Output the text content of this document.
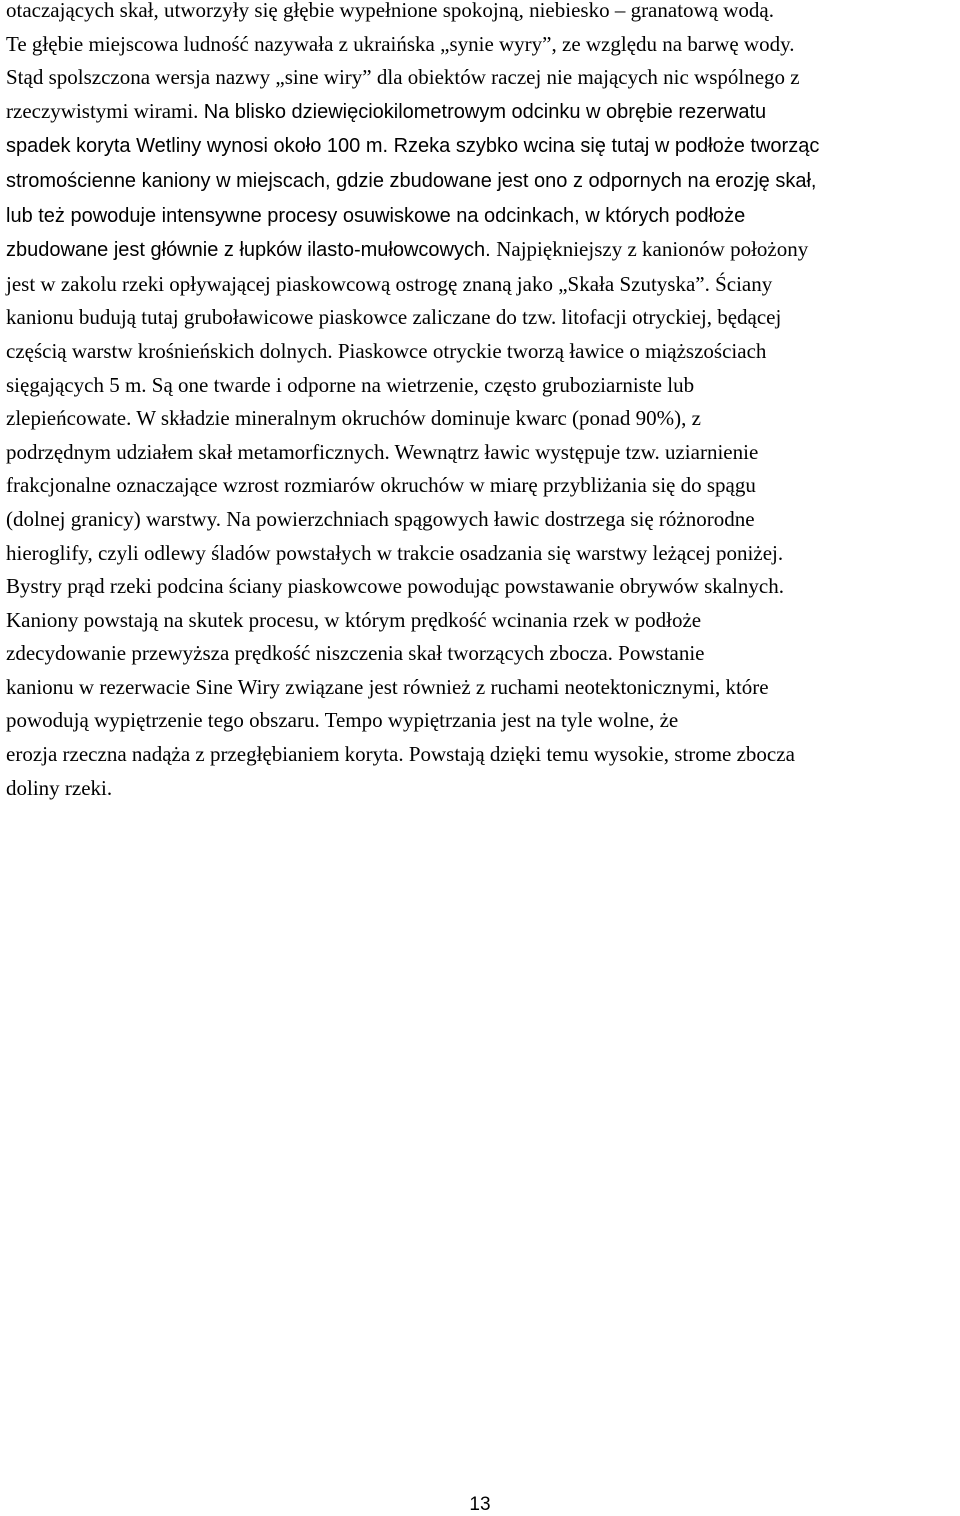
otaczających skał, utworzyły się głębie wypełnione spokojną, niebiesko – granatową wodą.
Te głębie miejscowa ludność nazywała z ukraińska „synie wyry”, ze względu na barwę wody.
Stąd spolszczona wersja nazwy „sine wiry” dla obiektów raczej nie mających nic wspólnego z
rzeczywistymi wirami. Na blisko dziewięciokilometrowym odcinku w obrębie rezerwatu
spadek koryta Wetliny wynosi około 100 m. Rzeka szybko wcina się tutaj w podłoże tworząc
stromościenne kaniony w miejscach, gdzie zbudowane jest ono z odpornych na erozję skał,
lub też powoduje intensywne procesy osuwiskowe na odcinkach, w których podłoże
zbudowane jest głównie z łupków ilasto-mułowcowych. Najpiękniejszy z kanionów położony
jest w zakolu rzeki opływającej piaskowcową ostrogę znaną jako „Skała Szutyska”. Ściany
kanionu budują tutaj gruboławicowe piaskowce zaliczane do tzw. litofacji otryckiej, będącej
częścią warstw krośnieńskich dolnych. Piaskowce otryckie tworzą ławice o miąższościach
sięgających 5 m. Są one twarde i odporne na wietrzenie, często gruboziarniste lub
zlepieńcowate. W składzie mineralnym okruchów dominuje kwarc (ponad 90%), z
podrzędnym udziałem skał metamorficznych. Wewnątrz ławic występuje tzw. uziarnienie
frakcjonalne oznaczające wzrost rozmiarów okruchów w miarę przybliżania się do spągu
(dolnej granicy) warstwy. Na powierzchniach spągowych ławic dostrzega się różnorodne
hieroglify, czyli odlewy śladów powstałych w trakcie osadzania się warstwy leżącej poniżej.
Bystry prąd rzeki podcina ściany piaskowcowe powodując powstawanie obrywów skalnych.
Kaniony powstają na skutek procesu, w którym prędkość wcinania rzek w podłoże
zdecydowanie przewyższa prędkość niszczenia skał tworzących zbocza. Powstanie
kanionu w rezerwacie Sine Wiry związane jest również z ruchami neotektonicznymi, które
powodują wypiętrzenie tego obszaru. Tempo wypiętrzania jest na tyle wolne, że
erozja rzeczna nadąża z przegłębianiem koryta. Powstają dzięki temu wysokie, strome zbocza
doliny rzeki.
13
